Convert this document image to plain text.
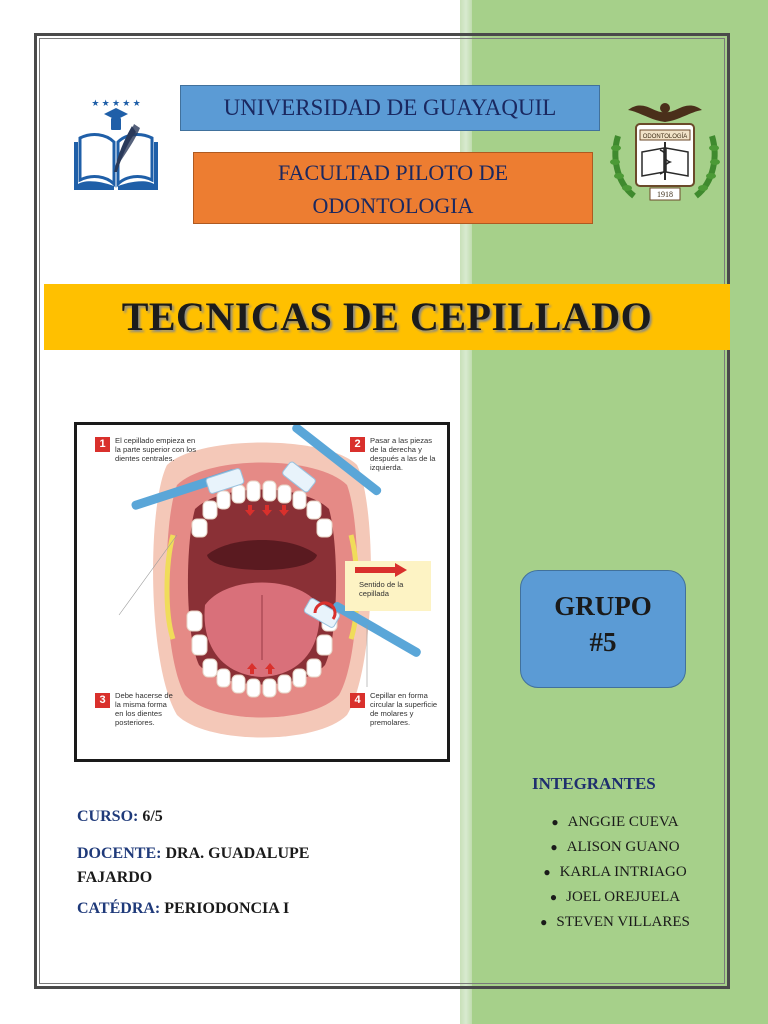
★ ★ ★ ★ ★
ODONTOLOGÍA
1918
UNIVERSIDAD DE GUAYAQUIL
FACULTAD PILOTO DE
ODONTOLOGIA
TECNICAS DE CEPILLADO
1	El cepillado empieza en la parte superior con los dientes centrales.
2	Pasar a las piezas de la derecha y después a las de la izquierda.
Sentido de la cepillada
3	Debe hacerse de la misma forma en los dientes posteriores.
4	Cepillar en forma circular la superficie de molares y premolares.
GRUPO
#5
INTEGRANTES
● ANGGIE CUEVA
● ALISON GUANO
● KARLA INTRIAGO
● JOEL OREJUELA
● STEVEN VILLARES
CURSO: 6/5
DOCENTE: DRA. GUADALUPE
FAJARDO
CATÉDRA: PERIODONCIA I
